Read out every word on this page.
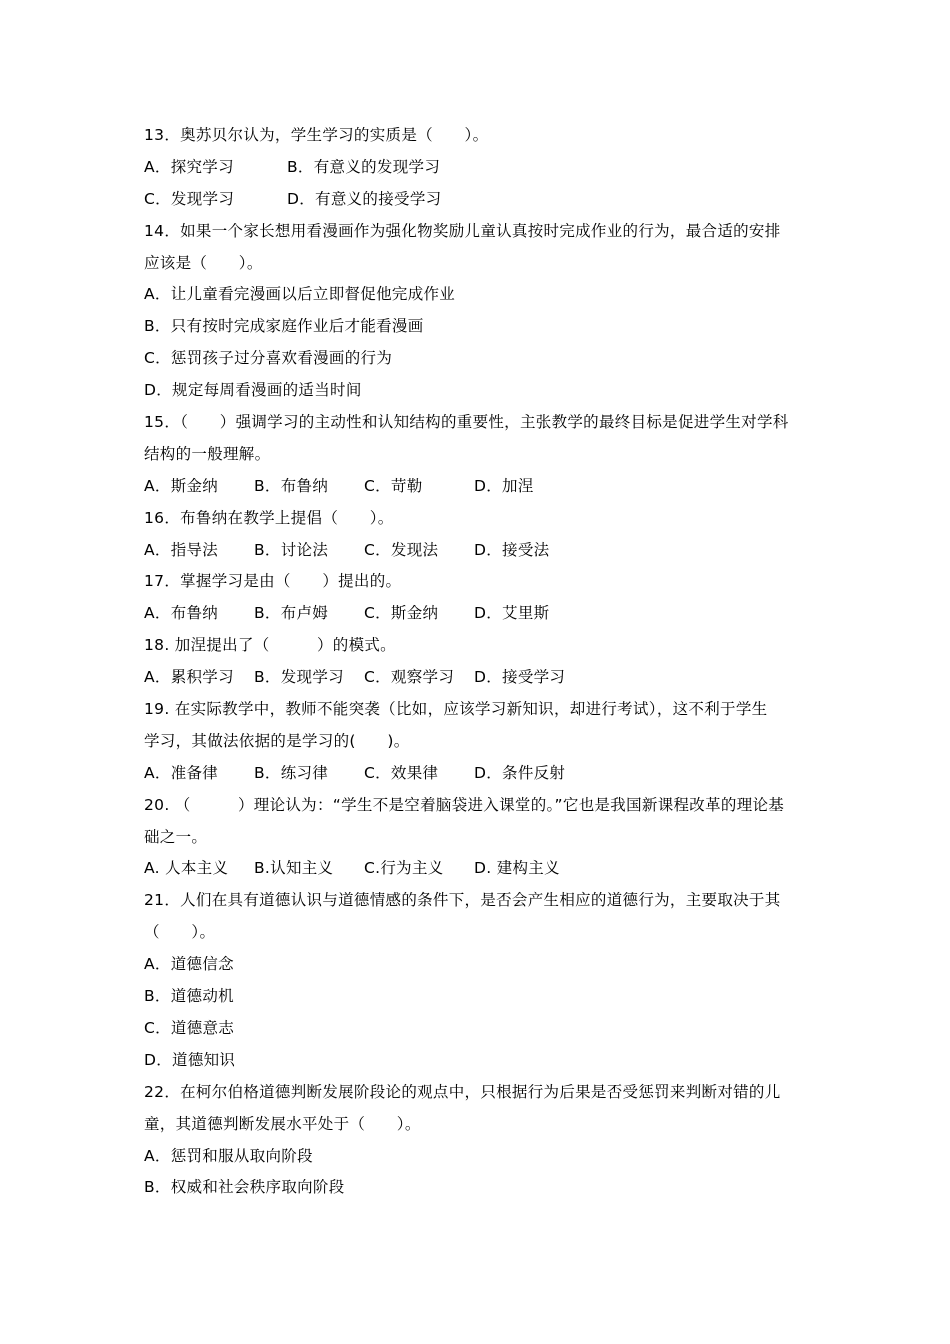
13．奥苏贝尔认为，学生学习的实质是（　　）。
A．探究学习	B．有意义的发现学习
C．发现学习	D．有意义的接受学习
14．如果一个家长想用看漫画作为强化物奖励儿童认真按时完成作业的行为，最合适的安排
应该是（　　）。
A．让儿童看完漫画以后立即督促他完成作业
B．只有按时完成家庭作业后才能看漫画
C．惩罚孩子过分喜欢看漫画的行为
D．规定每周看漫画的适当时间
15．（　　）强调学习的主动性和认知结构的重要性，主张教学的最终目标是促进学生对学科
结构的一般理解。
A．斯金纳 B．布鲁纳 C．苛勒	D．加涅
16．布鲁纳在教学上提倡（　　）。
A．指导法 B．讨论法 C．发现法 D．接受法
17．掌握学习是由（　　）提出的。
A．布鲁纳 B．布卢姆 C．斯金纳 D．艾里斯
18. 加涅提出了（　　　）的模式。
A．累积学习 B．发现学习 C．观察学习 D．接受学习
19. 在实际教学中，教师不能突袭（比如，应该学习新知识，却进行考试），这不利于学生
学习，其做法依据的是学习的(　　)。
A．准备律 B．练习律 C．效果律 D．条件反射
20. （　　　）理论认为：“学生不是空着脑袋进入课堂的。”它也是我国新课程改革的理论基
础之一。
A. 人本主义 B.认知主义 C.行为主义 D. 建构主义
21．人们在具有道德认识与道德情感的条件下，是否会产生相应的道德行为，主要取决于其
（　　）。
A．道德信念
B．道德动机
C．道德意志
D．道德知识
22．在柯尔伯格道德判断发展阶段论的观点中，只根据行为后果是否受惩罚来判断对错的儿
童，其道德判断发展水平处于（　　）。
A．惩罚和服从取向阶段
B．权威和社会秩序取向阶段
